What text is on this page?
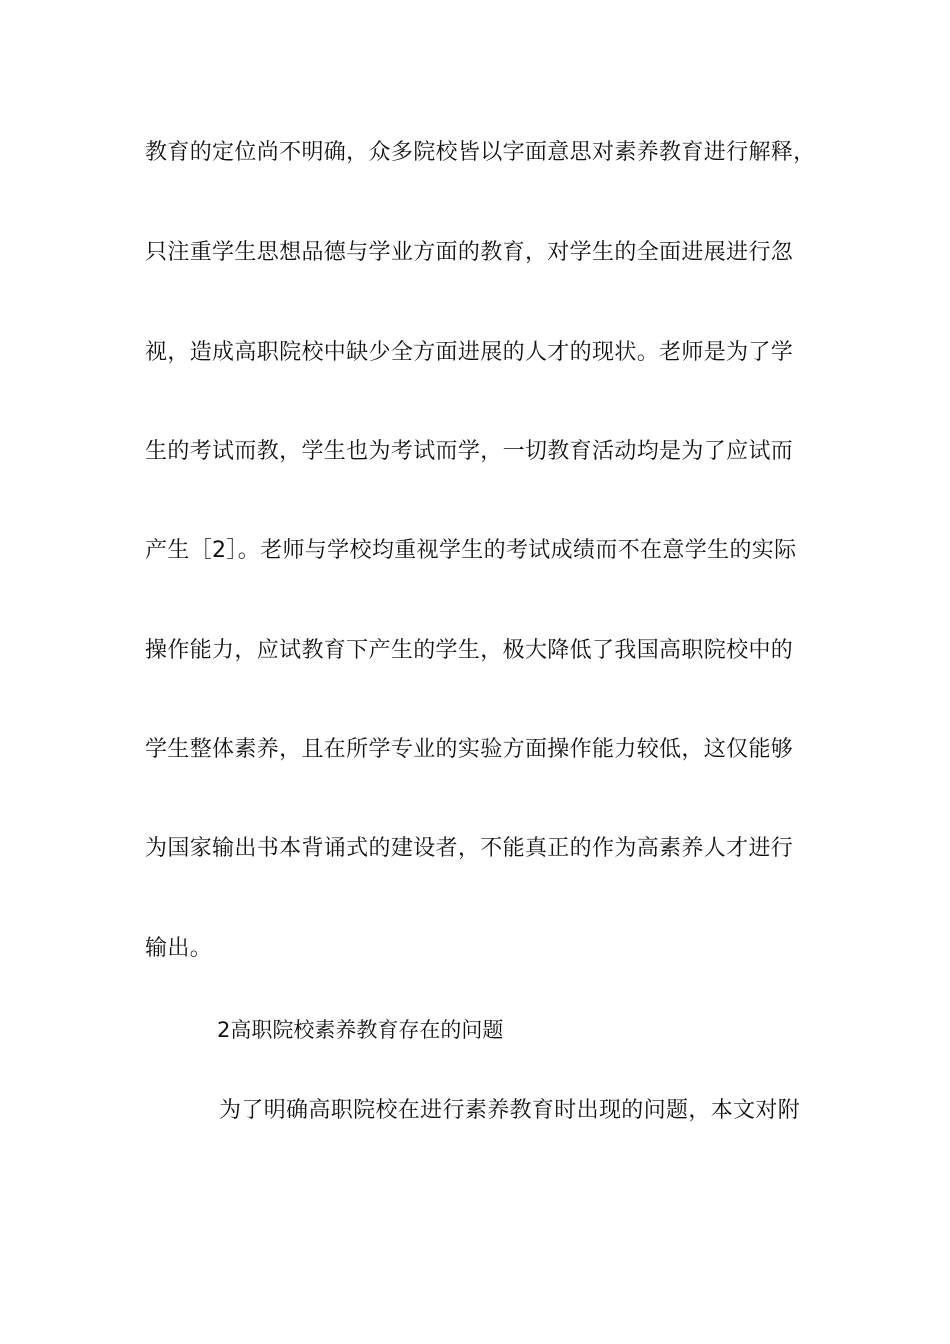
教育的定位尚不明确，众多院校皆以字面意思对素养教育进行解释，
只注重学生思想品德与学业方面的教育，对学生的全面进展进行忽
视，造成高职院校中缺少全方面进展的人才的现状。老师是为了学
生的考试而教，学生也为考试而学，一切教育活动均是为了应试而
产生［2］。老师与学校均重视学生的考试成绩而不在意学生的实际
操作能力，应试教育下产生的学生，极大降低了我国高职院校中的
学生整体素养，且在所学专业的实验方面操作能力较低，这仅能够
为国家输出书本背诵式的建设者，不能真正的作为高素养人才进行
输出。
2高职院校素养教育存在的问题
为了明确高职院校在进行素养教育时出现的问题，本文对附
